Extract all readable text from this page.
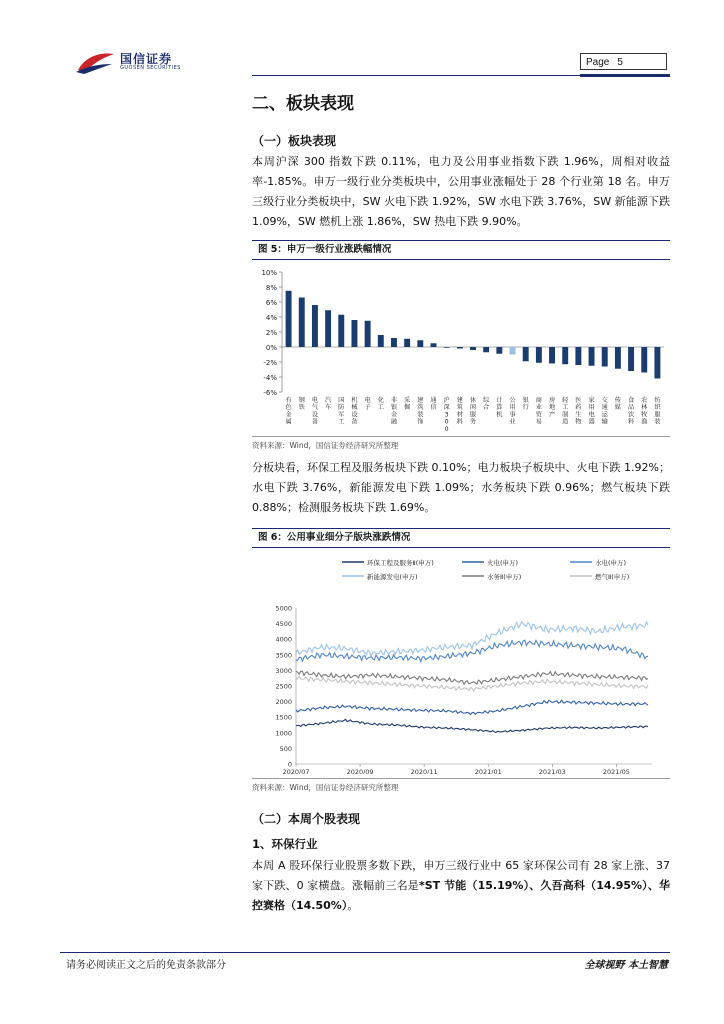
国信证券
GUOSEN SECURITIES	Page 5
二、板块表现
（一）板块表现
本周沪深 300 指数下跌 0.11%，电力及公用事业指数下跌 1.96%，周相对收益率-1.85%。申万一级行业分类板块中，公用事业涨幅处于 28 个行业第 18 名。申万三级行业分类板块中，SW 火电下跌 1.92%，SW 水电下跌 3.76%，SW 新能源下跌 1.09%，SW 燃机上涨 1.86%，SW 热电下跌 9.90%。
图 5：申万一级行业涨跌幅情况
10%
8%
6%
4%
2%
0%
-2%
-4%
-6%
有色金属
钢铁
电气设备
汽车
国防军工
机械设备
电子
化工
非银金融
采掘
建筑装饰
通信
沪深 3 0 0
建筑材料
休闲服务
综合
计算机
公用事业
银行
商业贸易
房地产
轻工制造
医药生物
家用电器
交通运输
传媒
食品饮料
农林牧渔
纺织服装
资料来源：Wind，国信证券经济研究所整理
分板块看，环保工程及服务板块下跌 0.10%；电力板块子板块中、火电下跌 1.92%；水电下跌 3.76%，新能源发电下跌 1.09%；水务板块下跌 0.96%；燃气板块下跌 0.88%；检测服务板块下跌 1.69%。
图 6：公用事业细分子版块涨跌情况
环保工程及服务Ⅱ(申万)	火电(申万)	水电(申万)
新能源发电(申万)	水务Ⅱ(申万)	燃气Ⅱ(申万)
5000
4500
4000
3500
3000
2500
2000
1500
1000
500
0
2020/07	2020/09	2020/11	2021/01	2021/03	2021/05
资料来源：Wind，国信证券经济研究所整理
（二）本周个股表现
1、环保行业
本周 A 股环保行业股票多数下跌，申万三级行业中 65 家环保公司有 28 家上涨、37 家下跌、0 家横盘。涨幅前三名是*ST 节能（15.19%）、久吾高科（14.95%）、华控赛格（14.50%）。
请务必阅读正文之后的免责条款部分	全球视野 本土智慧
